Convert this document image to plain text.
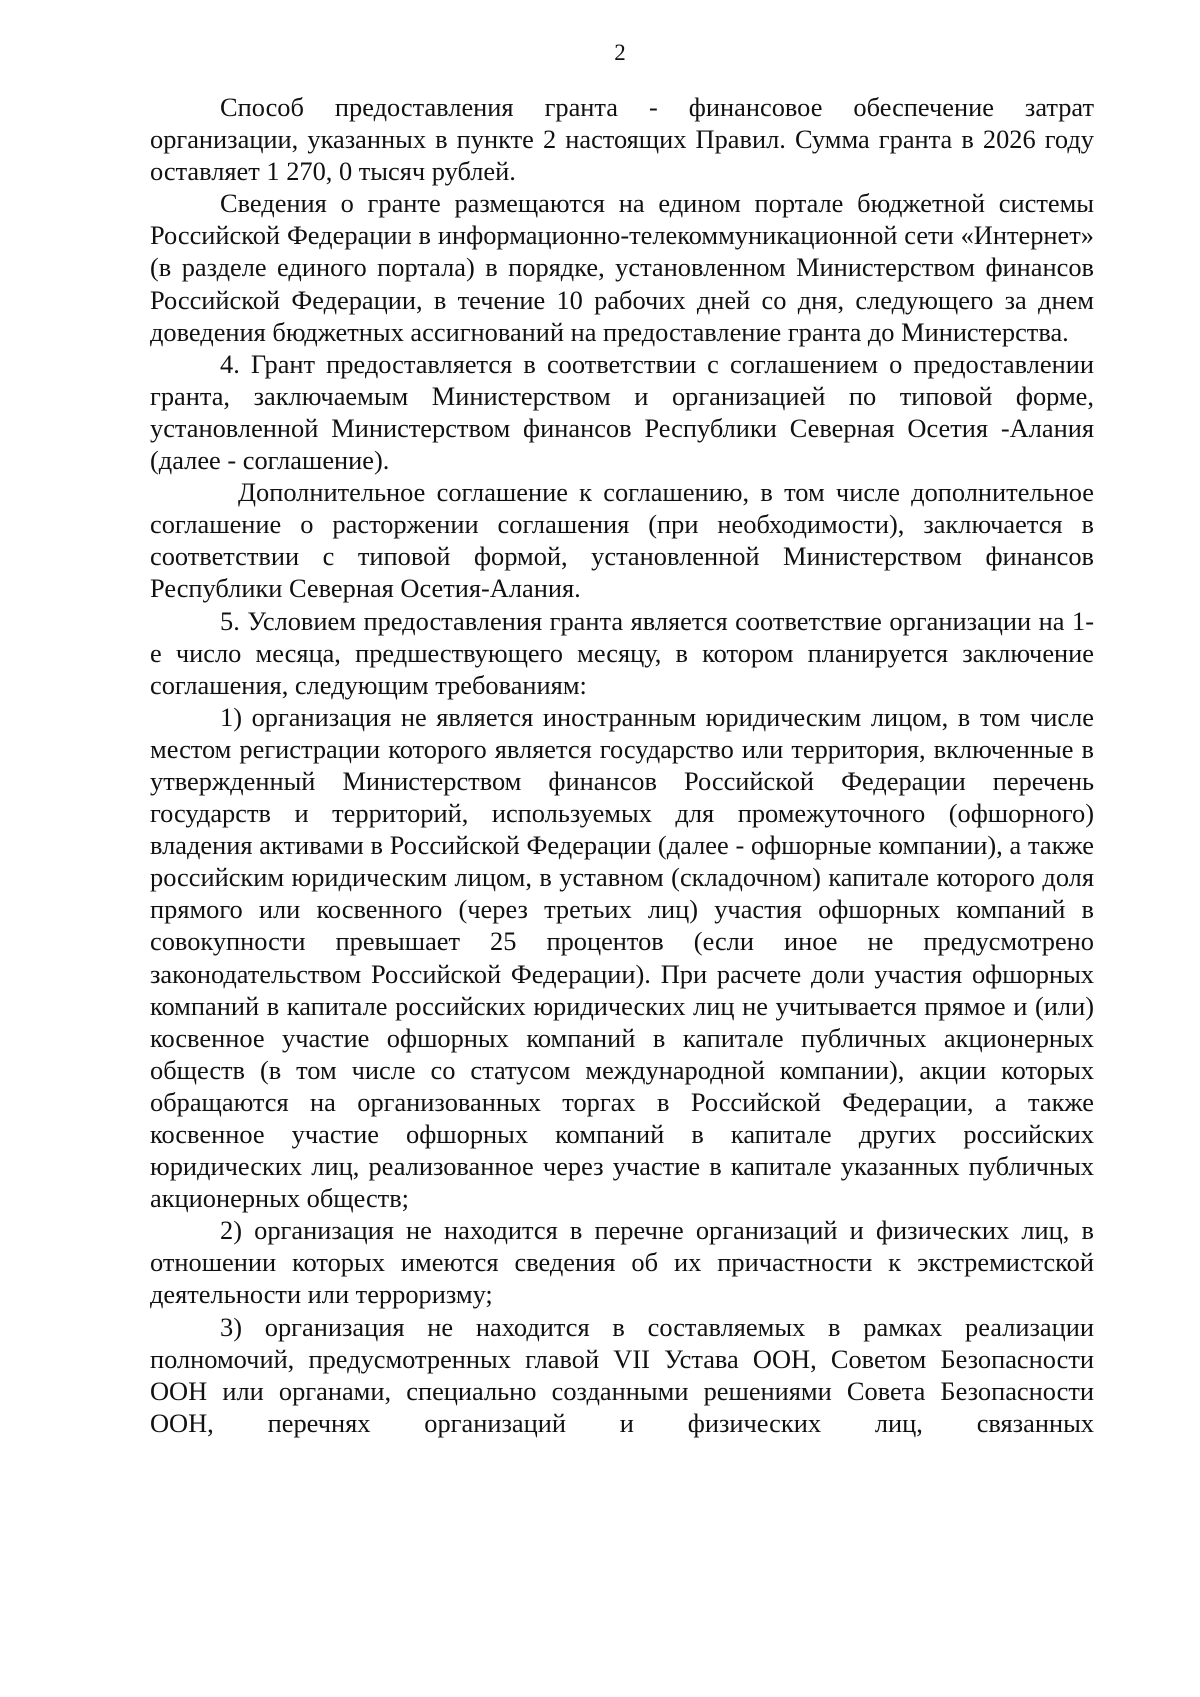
2

Способ предоставления гранта - финансовое обеспечение затрат организации, указанных в пункте 2 настоящих Правил. Сумма гранта в 2026 году оставляет 1 270, 0 тысяч рублей.

Сведения о гранте размещаются на едином портале бюджетной системы Российской Федерации в информационно-телекоммуникационной сети «Интернет» (в разделе единого портала) в порядке, установленном Министерством финансов Российской Федерации, в течение 10 рабочих дней со дня, следующего за днем доведения бюджетных ассигнований на предоставление гранта до Министерства.

4. Грант предоставляется в соответствии с соглашением о предоставлении гранта, заключаемым Министерством и организацией по типовой форме, установленной Министерством финансов Республики Северная Осетия -Алания (далее - соглашение).

Дополнительное соглашение к соглашению, в том числе дополнительное соглашение о расторжении соглашения (при необходимости), заключается в соответствии с типовой формой, установленной Министерством финансов Республики Северная Осетия-Алания.

5. Условием предоставления гранта является соответствие организации на 1-е число месяца, предшествующего месяцу, в котором планируется заключение соглашения, следующим требованиям:

1) организация не является иностранным юридическим лицом, в том числе местом регистрации которого является государство или территория, включенные в утвержденный Министерством финансов Российской Федерации перечень государств и территорий, используемых для промежуточного (офшорного) владения активами в Российской Федерации (далее - офшорные компании), а также российским юридическим лицом, в уставном (складочном) капитале которого доля прямого или косвенного (через третьих лиц) участия офшорных компаний в совокупности превышает 25 процентов (если иное не предусмотрено законодательством Российской Федерации). При расчете доли участия офшорных компаний в капитале российских юридических лиц не учитывается прямое и (или) косвенное участие офшорных компаний в капитале публичных акционерных обществ (в том числе со статусом международной компании), акции которых обращаются на организованных торгах в Российской Федерации, а также косвенное участие офшорных компаний в капитале других российских юридических лиц, реализованное через участие в капитале указанных публичных акционерных обществ;

2) организация не находится в перечне организаций и физических лиц, в отношении которых имеются сведения об их причастности к экстремистской деятельности или терроризму;

3) организация не находится в составляемых в рамках реализации полномочий, предусмотренных главой VII Устава ООН, Советом Безопасности ООН или органами, специально созданными решениями Совета Безопасности ООН, перечнях организаций и физических лиц, связанных
